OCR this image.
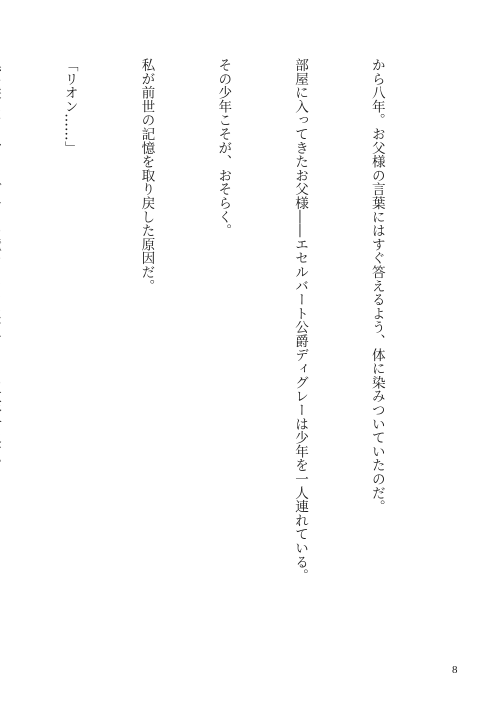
から八年。お父様の言葉にはすぐ答えるよう、体に染みついていたのだ。

部屋に入ってきたお父様――エセルバート公爵ディグレーは少年を一人連れている。

その少年こそが、おそらく。

私が前世の記憶を取り戻した原因だ。

「リオン……」

8
